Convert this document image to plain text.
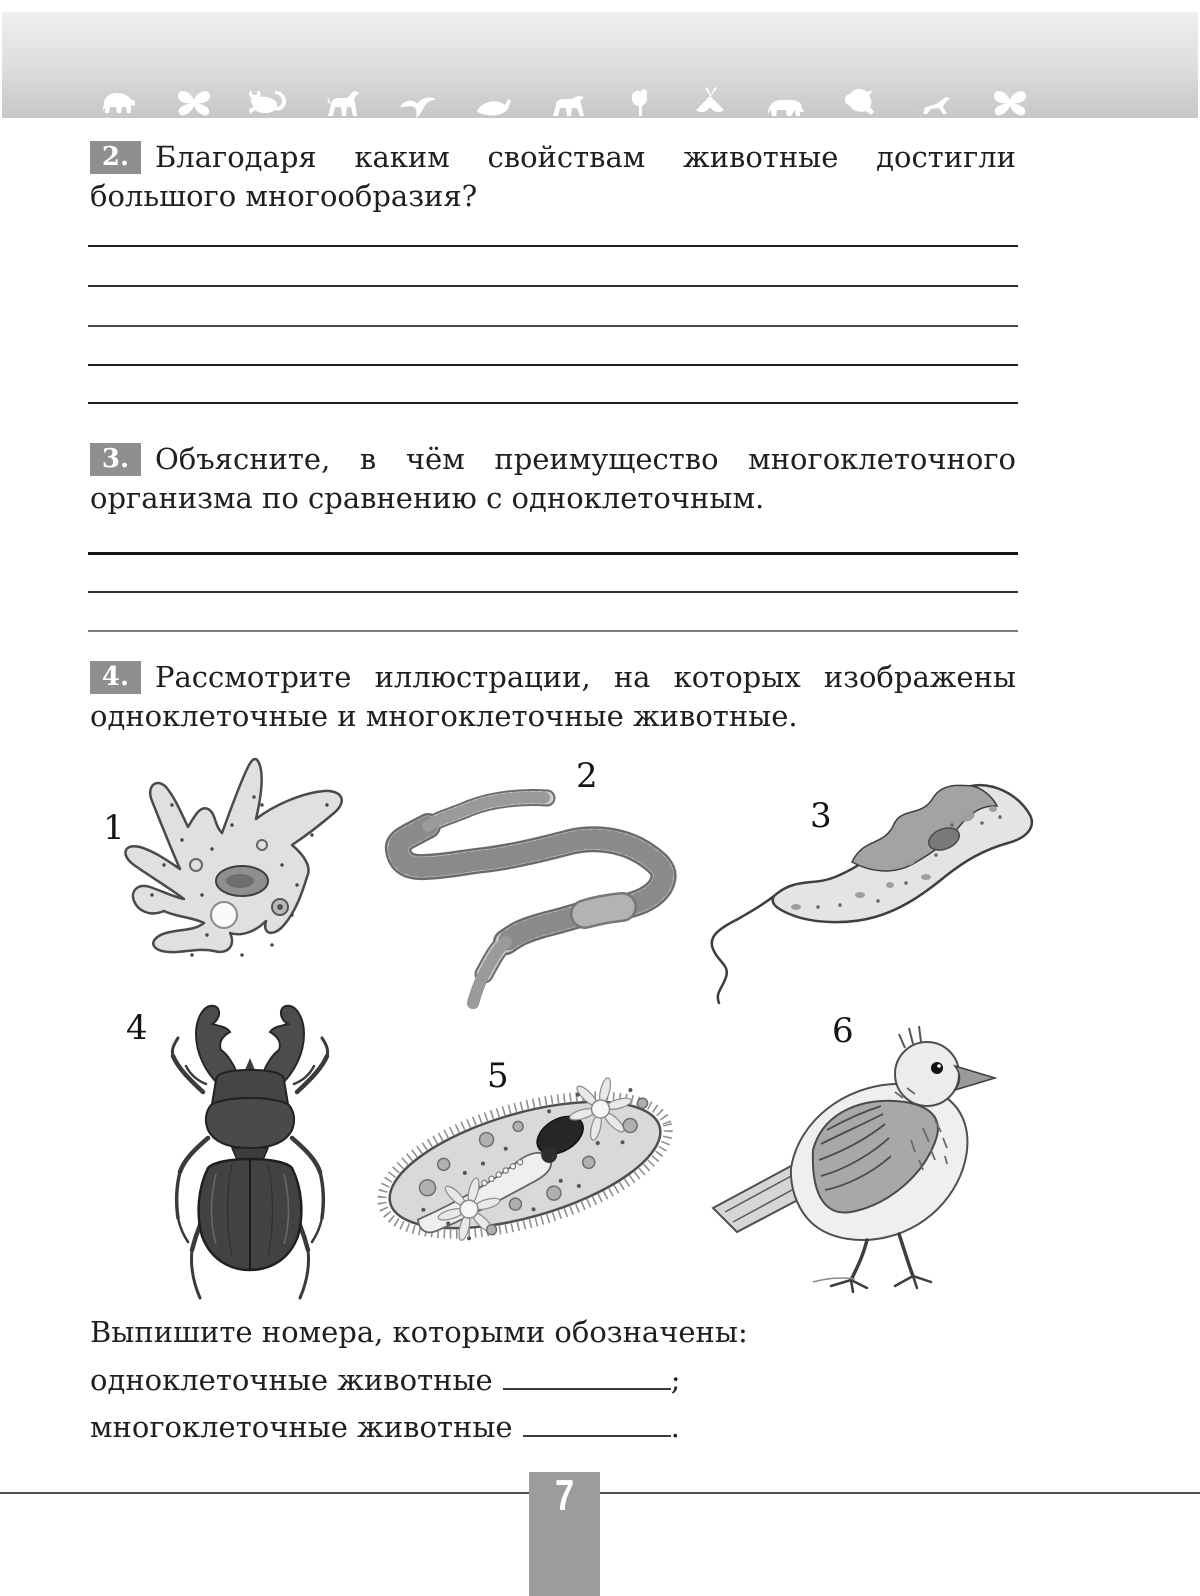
2. Благодаря каким свойствам животные достигли большого многообразия?
3. Объясните, в чём преимущество многоклеточного организма по сравнению с одноклеточным.
4. Рассмотрите иллюстрации, на которых изображены одноклеточные и многоклеточные животные.
1
2
3
4
5
6
Выпишите номера, которыми обозначены:
одноклеточные животные	;
многоклеточные животные	.
7
